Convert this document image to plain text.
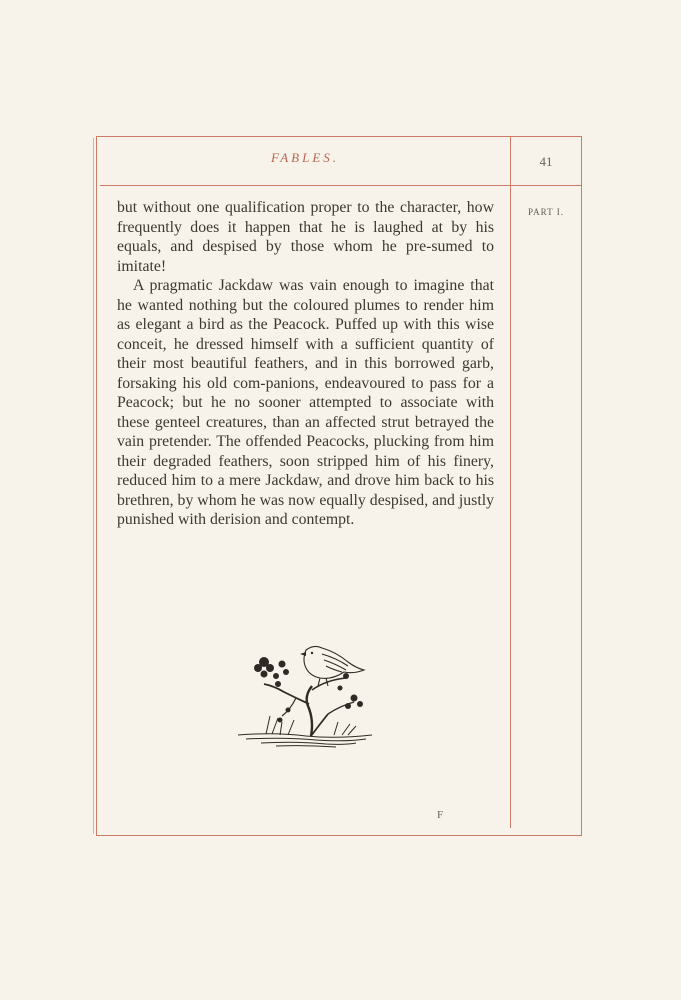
FABLES.	41
PART I.

but without one qualification proper to the character, how frequently does it happen that he is laughed at by his equals, and despised by those whom he pre-sumed to imitate!

A pragmatic Jackdaw was vain enough to imagine that he wanted nothing but the coloured plumes to render him as elegant a bird as the Peacock. Puffed up with this wise conceit, he dressed himself with a sufficient quantity of their most beautiful feathers, and in this borrowed garb, forsaking his old com-panions, endeavoured to pass for a Peacock; but he no sooner attempted to associate with these genteel creatures, than an affected strut betrayed the vain pretender. The offended Peacocks, plucking from him their degraded feathers, soon stripped him of his finery, reduced him to a mere Jackdaw, and drove him back to his brethren, by whom he was now equally despised, and justly punished with derision and contempt.

F
